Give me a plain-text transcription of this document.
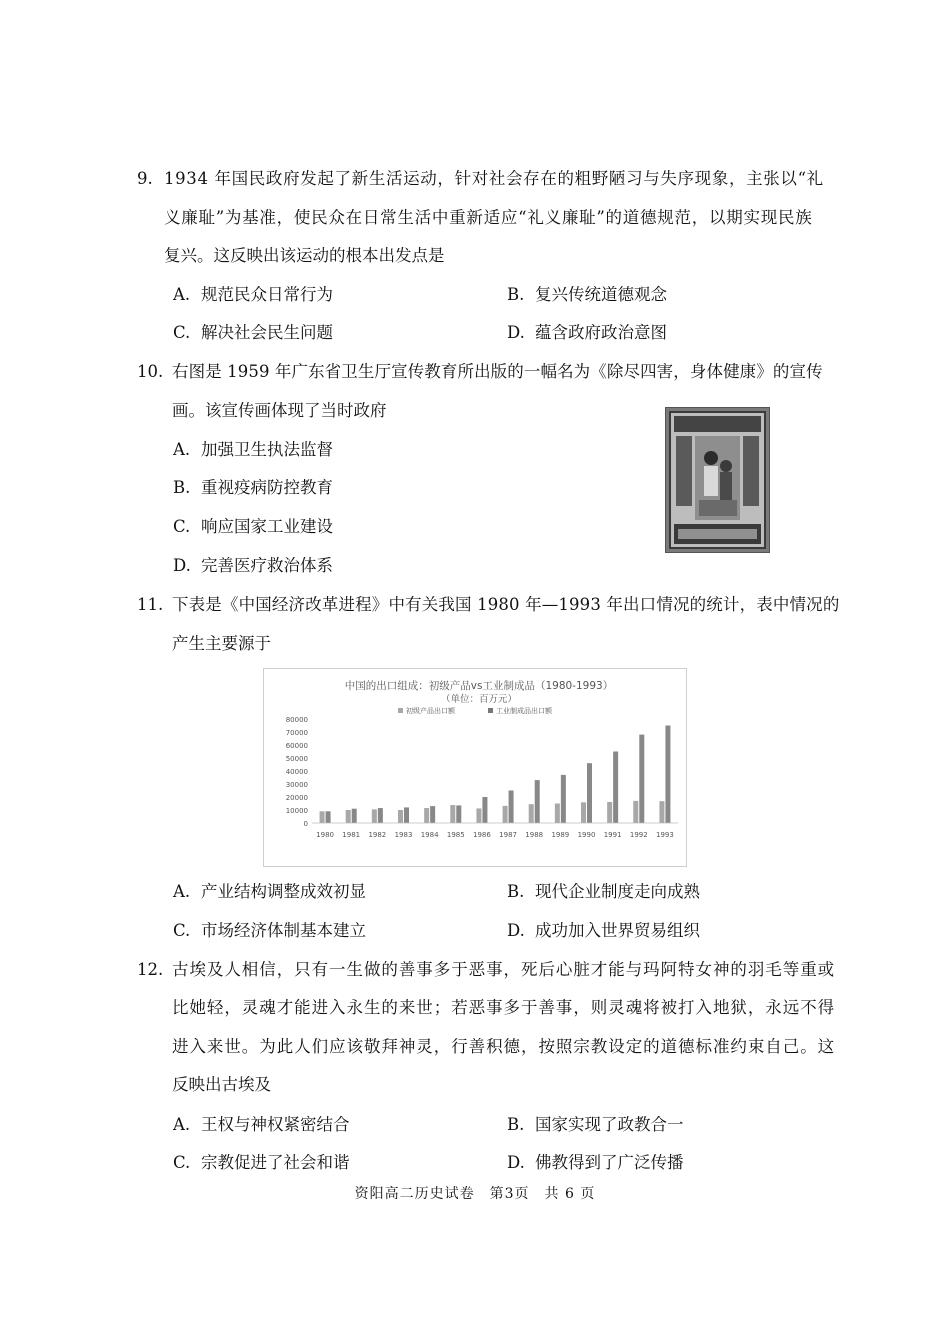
9. 1934 年国民政府发起了新生活运动，针对社会存在的粗野陋习与失序现象，主张以“礼
义廉耻”为基准，使民众在日常生活中重新适应“礼义廉耻”的道德规范，以期实现民族
复兴。这反映出该运动的根本出发点是
A. 规范民众日常行为	B. 复兴传统道德观念
C. 解决社会民生问题	D. 蕴含政府政治意图
10. 右图是 1959 年广东省卫生厅宣传教育所出版的一幅名为《除尽四害，身体健康》的宣传
画。该宣传画体现了当时政府
A. 加强卫生执法监督
B. 重视疫病防控教育
C. 响应国家工业建设
D. 完善医疗救治体系
11. 下表是《中国经济改革进程》中有关我国 1980 年—1993 年出口情况的统计，表中情况的
产生主要源于
中国的出口组成：初级产品vs工业制成品（1980-1993）
（单位：百万元）
初级产品出口额	工业制成品出口额
80000
70000
60000
50000
40000
30000
20000
10000
0
1980 1981 1982 1983 1984 1985 1986 1987 1988 1989 1990 1991 1992 1993
A. 产业结构调整成效初显	B. 现代企业制度走向成熟
C. 市场经济体制基本建立	D. 成功加入世界贸易组织
12. 古埃及人相信，只有一生做的善事多于恶事，死后心脏才能与玛阿特女神的羽毛等重或
比她轻，灵魂才能进入永生的来世；若恶事多于善事，则灵魂将被打入地狱，永远不得
进入来世。为此人们应该敬拜神灵，行善积德，按照宗教设定的道德标准约束自己。这
反映出古埃及
A. 王权与神权紧密结合	B. 国家实现了政教合一
C. 宗教促进了社会和谐	D. 佛教得到了广泛传播
资阳高二历史试卷　第3页　共 6 页
